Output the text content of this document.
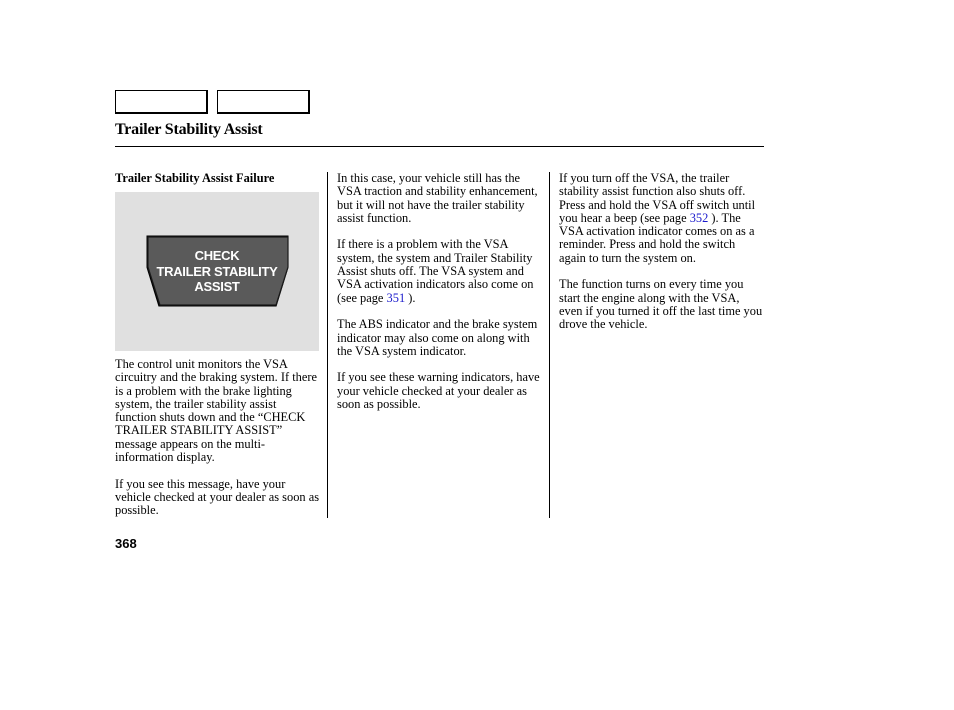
Trailer Stability Assist
Trailer Stability Assist Failure
CHECK
TRAILER STABILITY
ASSIST

The control unit monitors the VSA circuitry and the braking system. If there is a problem with the brake lighting system, the trailer stability assist function shuts down and the “CHECK TRAILER STABILITY ASSIST” message appears on the multi-information display.

If you see this message, have your vehicle checked at your dealer as soon as possible.

In this case, your vehicle still has the VSA traction and stability enhancement, but it will not have the trailer stability assist function.

If there is a problem with the VSA system, the system and Trailer Stability Assist shuts off. The VSA system and VSA activation indicators also come on (see page 351 ).

The ABS indicator and the brake system indicator may also come on along with the VSA system indicator.

If you see these warning indicators, have your vehicle checked at your dealer as soon as possible.

If you turn off the VSA, the trailer stability assist function also shuts off. Press and hold the VSA off switch until you hear a beep (see page 352 ). The VSA activation indicator comes on as a reminder. Press and hold the switch again to turn the system on.

The function turns on every time you start the engine along with the VSA, even if you turned it off the last time you drove the vehicle.

368
